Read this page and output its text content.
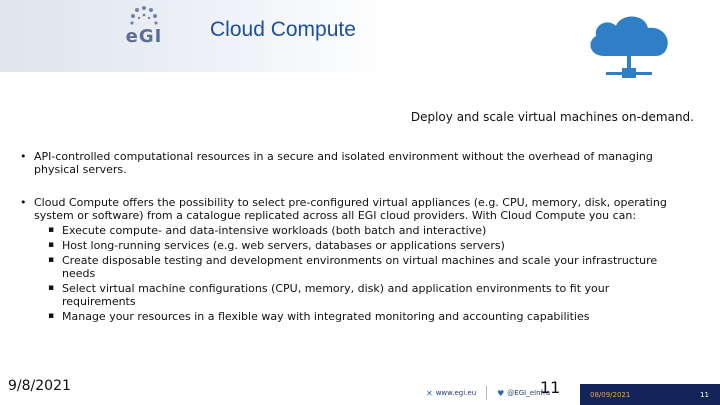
eGI	Cloud Compute
Deploy and scale virtual machines on-demand.
• API-controlled computational resources in a secure and isolated environment without the overhead of managing physical servers.
• Cloud Compute offers the possibility to select pre-configured virtual appliances (e.g. CPU, memory, disk, operating system or software) from a catalogue replicated across all EGI cloud providers. With Cloud Compute you can:
▪ Execute compute- and data-intensive workloads (both batch and interactive)
▪ Host long-running services (e.g. web servers, databases or applications servers)
▪ Create disposable testing and development environments on virtual machines and scale your infrastructure needs
▪ Select virtual machine configurations (CPU, memory, disk) and application environments to fit your requirements
▪ Manage your resources in a flexible way with integrated monitoring and accounting capabilities
9/8/2021	✕ www.egi.eu	♥ @EGI_eInfra
11	08/09/2021	11
